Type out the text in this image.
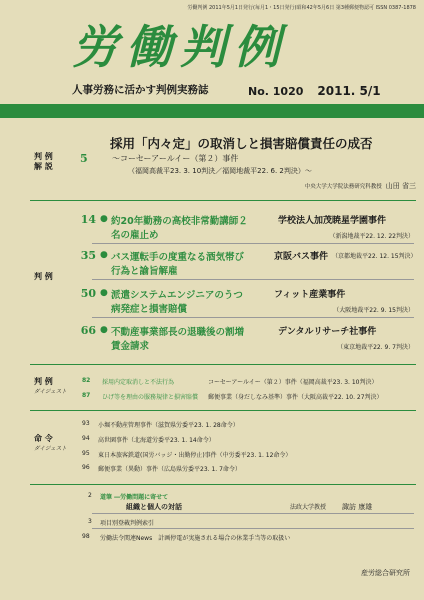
労働判例 2011年5月1日発行(毎月1・15日発行)昭和42年5月6日 第3種郵便物認可 ISSN 0387-1878
労働判例
人事労務に活かす判例実務誌	No. 1020 2011. 5/1
判 例
解 説
5
採用「内々定」の取消しと損害賠償責任の成否
～コーセーアールイー（第２）事件
（福岡高裁平23. 3. 10判決／福岡地裁平22. 6. 2判決）～
中央大学大学院法務研究科教授 山田 省三
判 例
14 ● 約20年勤務の高校非常勤講師２	学校法人加茂暁星学園事件
名の雇止め	（新潟地裁平22. 12. 22判決）
35 ● バス運転手の度重なる酒気帯び	京阪バス事件 （京都地裁平22. 12. 15判決）
行為と諭旨解雇
50 ● 派遣システムエンジニアのうつ	フィット産業事件
病発症と損害賠償	（大阪地裁平22. 9. 15判決）
66 ● 不動産事業部長の退職後の割増	デンタルリサーチ社事件
賃金請求	（東京地裁平22. 9. 7判決）
判 例
ダイジェスト
82 採用内定取消しと不法行為	コーセーアールイー（第２）事件（福岡高裁平23. 3. 10判決）
87 ひげ等を理由の服務規律と損害賠償 郵便事業（身だしなみ基準）事件（大阪高裁平22. 10. 27判決）
命 令
ダイジェスト
93 小堀不動産管理事件（滋賀県労委平23. 1. 28命令）
94 高世園事件（北海道労委平23. 1. 14命令）
95 東日本旅客鉄道(国労バッジ・出勤停止)事件（中労委平23. 1. 12命令）
96 郵便事業（異動）事件（広島県労委平23. 1. 7命令）
2 道筆 ―労働問題に寄せて
組織と個人の対話	法政大学教授 諏訪 康雄
3 項目別登載判例索引
98 労働法令関連News　計画停電が実施される場合の休業手当等の取扱い
産労総合研究所
